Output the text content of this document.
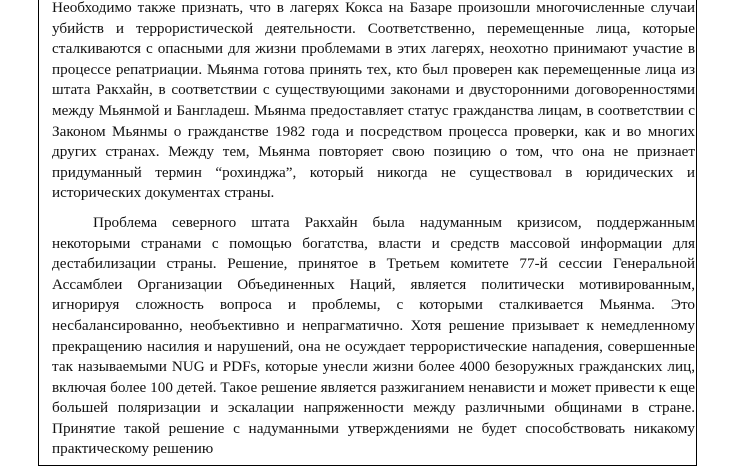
Необходимо также признать, что в лагерях Кокса на Базаре произошли многочисленные случаи убийств и террористической деятельности. Соответственно, перемещенные лица, которые сталкиваются с опасными для жизни проблемами в этих лагерях, неохотно принимают участие в процессе репатриации. Мьянма готова принять тех, кто был проверен как перемещенные лица из штата Ракхайн, в соответствии с существующими законами и двусторонними договоренностями между Мьянмой и Бангладеш. Мьянма предоставляет статус гражданства лицам, в соответствии с Законом Мьянмы о гражданстве 1982 года и посредством процесса проверки, как и во многих других странах. Между тем, Мьянма повторяет свою позицию о том, что она не признает придуманный термин “рохинджа”, который никогда не существовал в юридических и исторических документах страны.

Проблема северного штата Ракхайн была надуманным кризисом, поддержанным некоторыми странами с помощью богатства, власти и средств массовой информации для дестабилизации страны. Решение, принятое в Третьем комитете 77-й сессии Генеральной Ассамблеи Организации Объединенных Наций, является политически мотивированным, игнорируя сложность вопроса и проблемы, с которыми сталкивается Мьянма. Это несбалансированно, необъективно и непрагматично. Хотя решение призывает к немедленному прекращению насилия и нарушений, она не осуждает террористические нападения, совершенные так называемыми NUG и PDFs, которые унесли жизни более 4000 безоружных гражданских лиц, включая более 100 детей. Такое решение является разжиганием ненависти и может привести к еще большей поляризации и эскалации напряженности между различными общинами в стране. Принятие такой решение с надуманными утверждениями не будет способствовать никакому практическому решению
